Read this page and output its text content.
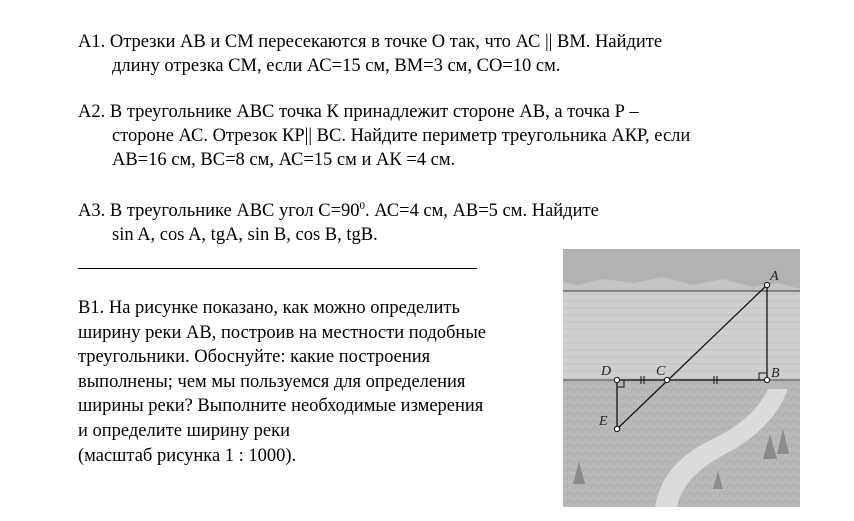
A1. Отрезки АВ и СМ пересекаются в точке О так, что АС || ВМ. Найдите
длину отрезка СМ, если АС=15 см, ВМ=3 см, СО=10 см.
А2. В треугольнике АВС точка К принадлежит стороне АВ, а точка Р –
стороне АС. Отрезок КР|| ВС. Найдите периметр треугольника АКР, если
АВ=16 см, ВС=8 см, АС=15 см и АК =4 см.
А3. В треугольнике АВС угол $С=90^0$. АС=4 см, АВ=5 см. Найдите
sin A, cos A, tgA, sin B, cos B, tgB.
В1. На рисунке показано, как можно определить
ширину реки АВ, построив на местности подобные
треугольники. Обоснуйте: какие построения
выполнены; чем мы пользуемся для определения
ширины реки? Выполните необходимые измерения
и определите ширину реки
(масштаб рисунка 1 : 1000).
A
B
C
D
E
